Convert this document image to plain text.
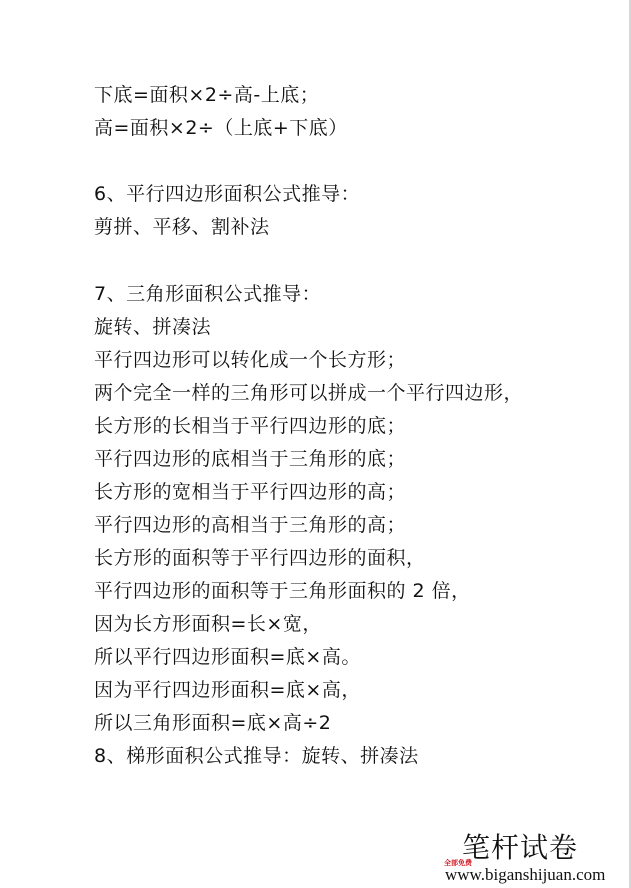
下底=面积×2÷高-上底；
高=面积×2÷（上底+下底）
6、平行四边形面积公式推导：
剪拼、平移、割补法
7、三角形面积公式推导：
旋转、拼凑法
平行四边形可以转化成一个长方形；
两个完全一样的三角形可以拼成一个平行四边形，
长方形的长相当于平行四边形的底；
平行四边形的底相当于三角形的底；
长方形的宽相当于平行四边形的高；
平行四边形的高相当于三角形的高；
长方形的面积等于平行四边形的面积，
平行四边形的面积等于三角形面积的 2 倍，
因为长方形面积=长×宽，
所以平行四边形面积=底×高。
因为平行四边形面积=底×高，
所以三角形面积=底×高÷2
8、梯形面积公式推导：旋转、拼凑法
笔杆试卷
全部免费
www.biganshijuan.com
